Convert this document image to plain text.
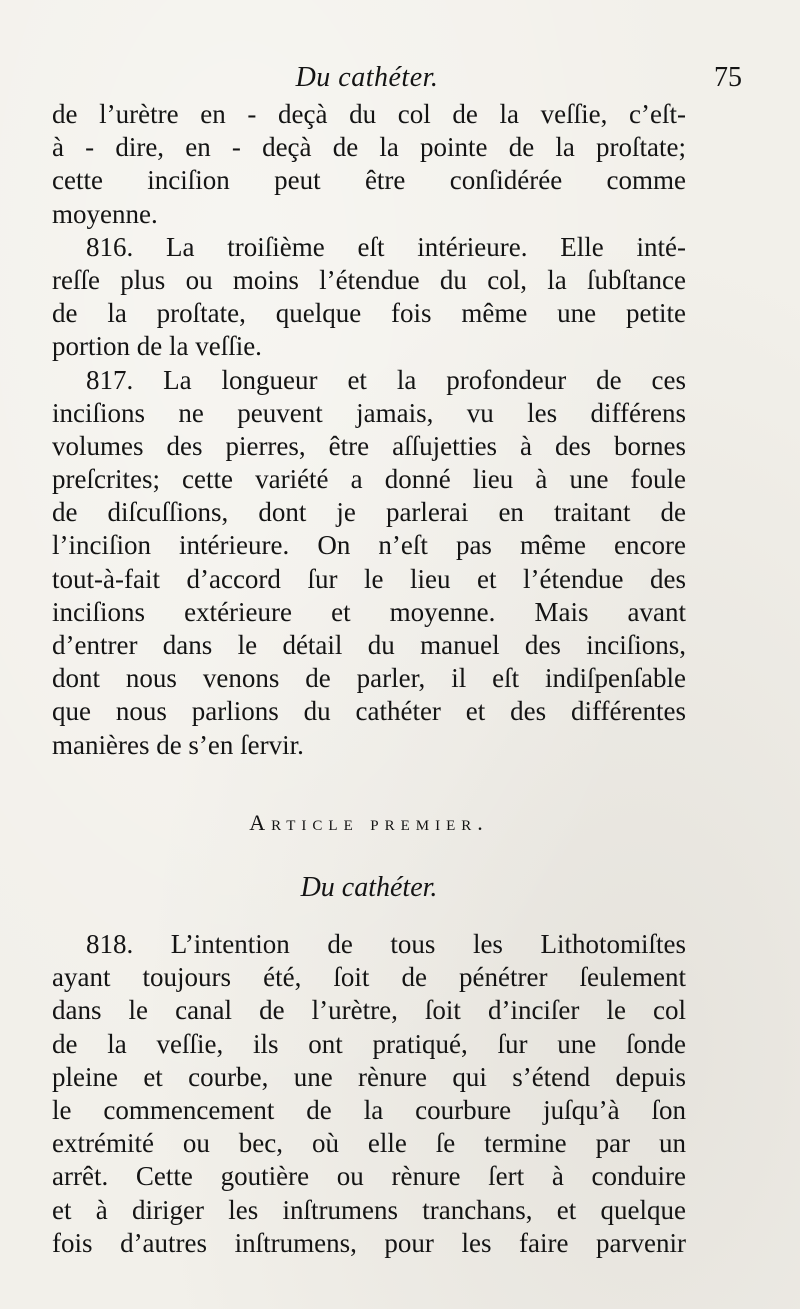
Du cathéter.	75
de l’urètre en - deçà du col de la veſſie, c’eſt-
à - dire, en - deçà de la pointe de la proſtate;
cette inciſion peut être conſidérée comme
moyenne.
816. La troiſième eſt intérieure. Elle inté-
reſſe plus ou moins l’étendue du col, la ſubſtance
de la proſtate, quelque fois même une petite
portion de la veſſie.
817. La longueur et la profondeur de ces
inciſions ne peuvent jamais, vu les différens
volumes des pierres, être aſſujetties à des bornes
preſcrites; cette variété a donné lieu à une foule
de diſcuſſions, dont je parlerai en traitant de
l’inciſion intérieure. On n’eſt pas même encore
tout-à-fait d’accord ſur le lieu et l’étendue des
inciſions extérieure et moyenne. Mais avant
d’entrer dans le détail du manuel des inciſions,
dont nous venons de parler, il eſt indiſpenſable
que nous parlions du cathéter et des différentes
manières de s’en ſervir.
Article premier.
Du cathéter.
818. L’intention de tous les Lithotomiſtes
ayant toujours été, ſoit de pénétrer ſeulement
dans le canal de l’urètre, ſoit d’inciſer le col
de la veſſie, ils ont pratiqué, ſur une ſonde
pleine et courbe, une rènure qui s’étend depuis
le commencement de la courbure juſqu’à ſon
extrémité ou bec, où elle ſe termine par un
arrêt. Cette goutière ou rènure ſert à conduire
et à diriger les inſtrumens tranchans, et quelque
fois d’autres inſtrumens, pour les faire parvenir
